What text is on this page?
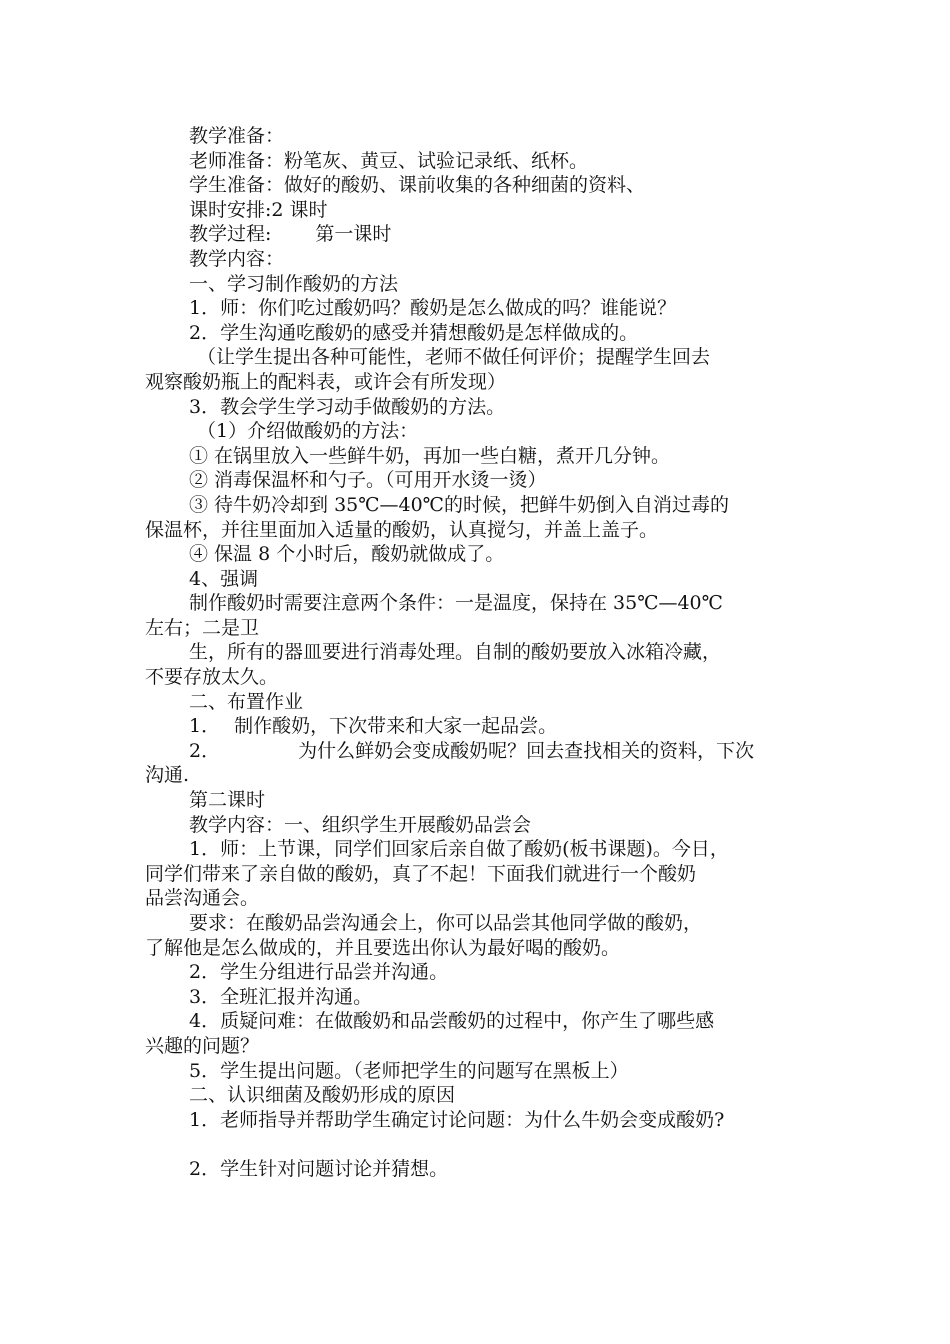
教学准备：
老师准备：粉笔灰、黄豆、试验记录纸、纸杯。
学生准备：做好的酸奶、课前收集的各种细菌的资料、
课时安排:2 课时
教学过程: 第一课时
教学内容：
一、学习制作酸奶的方法
1．师：你们吃过酸奶吗？酸奶是怎么做成的吗？谁能说？
2．学生沟通吃酸奶的感受并猜想酸奶是怎样做成的。
（让学生提出各种可能性，老师不做任何评价；提醒学生回去
观察酸奶瓶上的配料表，或许会有所发现）
3．教会学生学习动手做酸奶的方法。
（1）介绍做酸奶的方法：
① 在锅里放入一些鲜牛奶，再加一些白糖，煮开几分钟。
② 消毒保温杯和勺子。（可用开水烫一烫）
③ 待牛奶冷却到 35℃—40℃的时候，把鲜牛奶倒入自消过毒的
保温杯，并往里面加入适量的酸奶，认真搅匀，并盖上盖子。
④ 保温 8 个小时后，酸奶就做成了。
4、强调
制作酸奶时需要注意两个条件：一是温度，保持在 35℃—40℃
左右；二是卫
生，所有的器皿要进行消毒处理。自制的酸奶要放入冰箱冷藏，
不要存放太久。
二、布置作业
1． 制作酸奶，下次带来和大家一起品尝。
2．	为什么鲜奶会变成酸奶呢？回去查找相关的资料，下次
沟通.
第二课时
教学内容：一、组织学生开展酸奶品尝会
1．师：上节课，同学们回家后亲自做了酸奶(板书课题)。今日，
同学们带来了亲自做的酸奶，真了不起！下面我们就进行一个酸奶
品尝沟通会。
要求：在酸奶品尝沟通会上，你可以品尝其他同学做的酸奶，
了解他是怎么做成的，并且要选出你认为最好喝的酸奶。
2．学生分组进行品尝并沟通。
3．全班汇报并沟通。
4．质疑问难：在做酸奶和品尝酸奶的过程中，你产生了哪些感
兴趣的问题？
5．学生提出问题。（老师把学生的问题写在黑板上）
二、认识细菌及酸奶形成的原因
1．老师指导并帮助学生确定讨论问题：为什么牛奶会变成酸奶?
2．学生针对问题讨论并猜想。
